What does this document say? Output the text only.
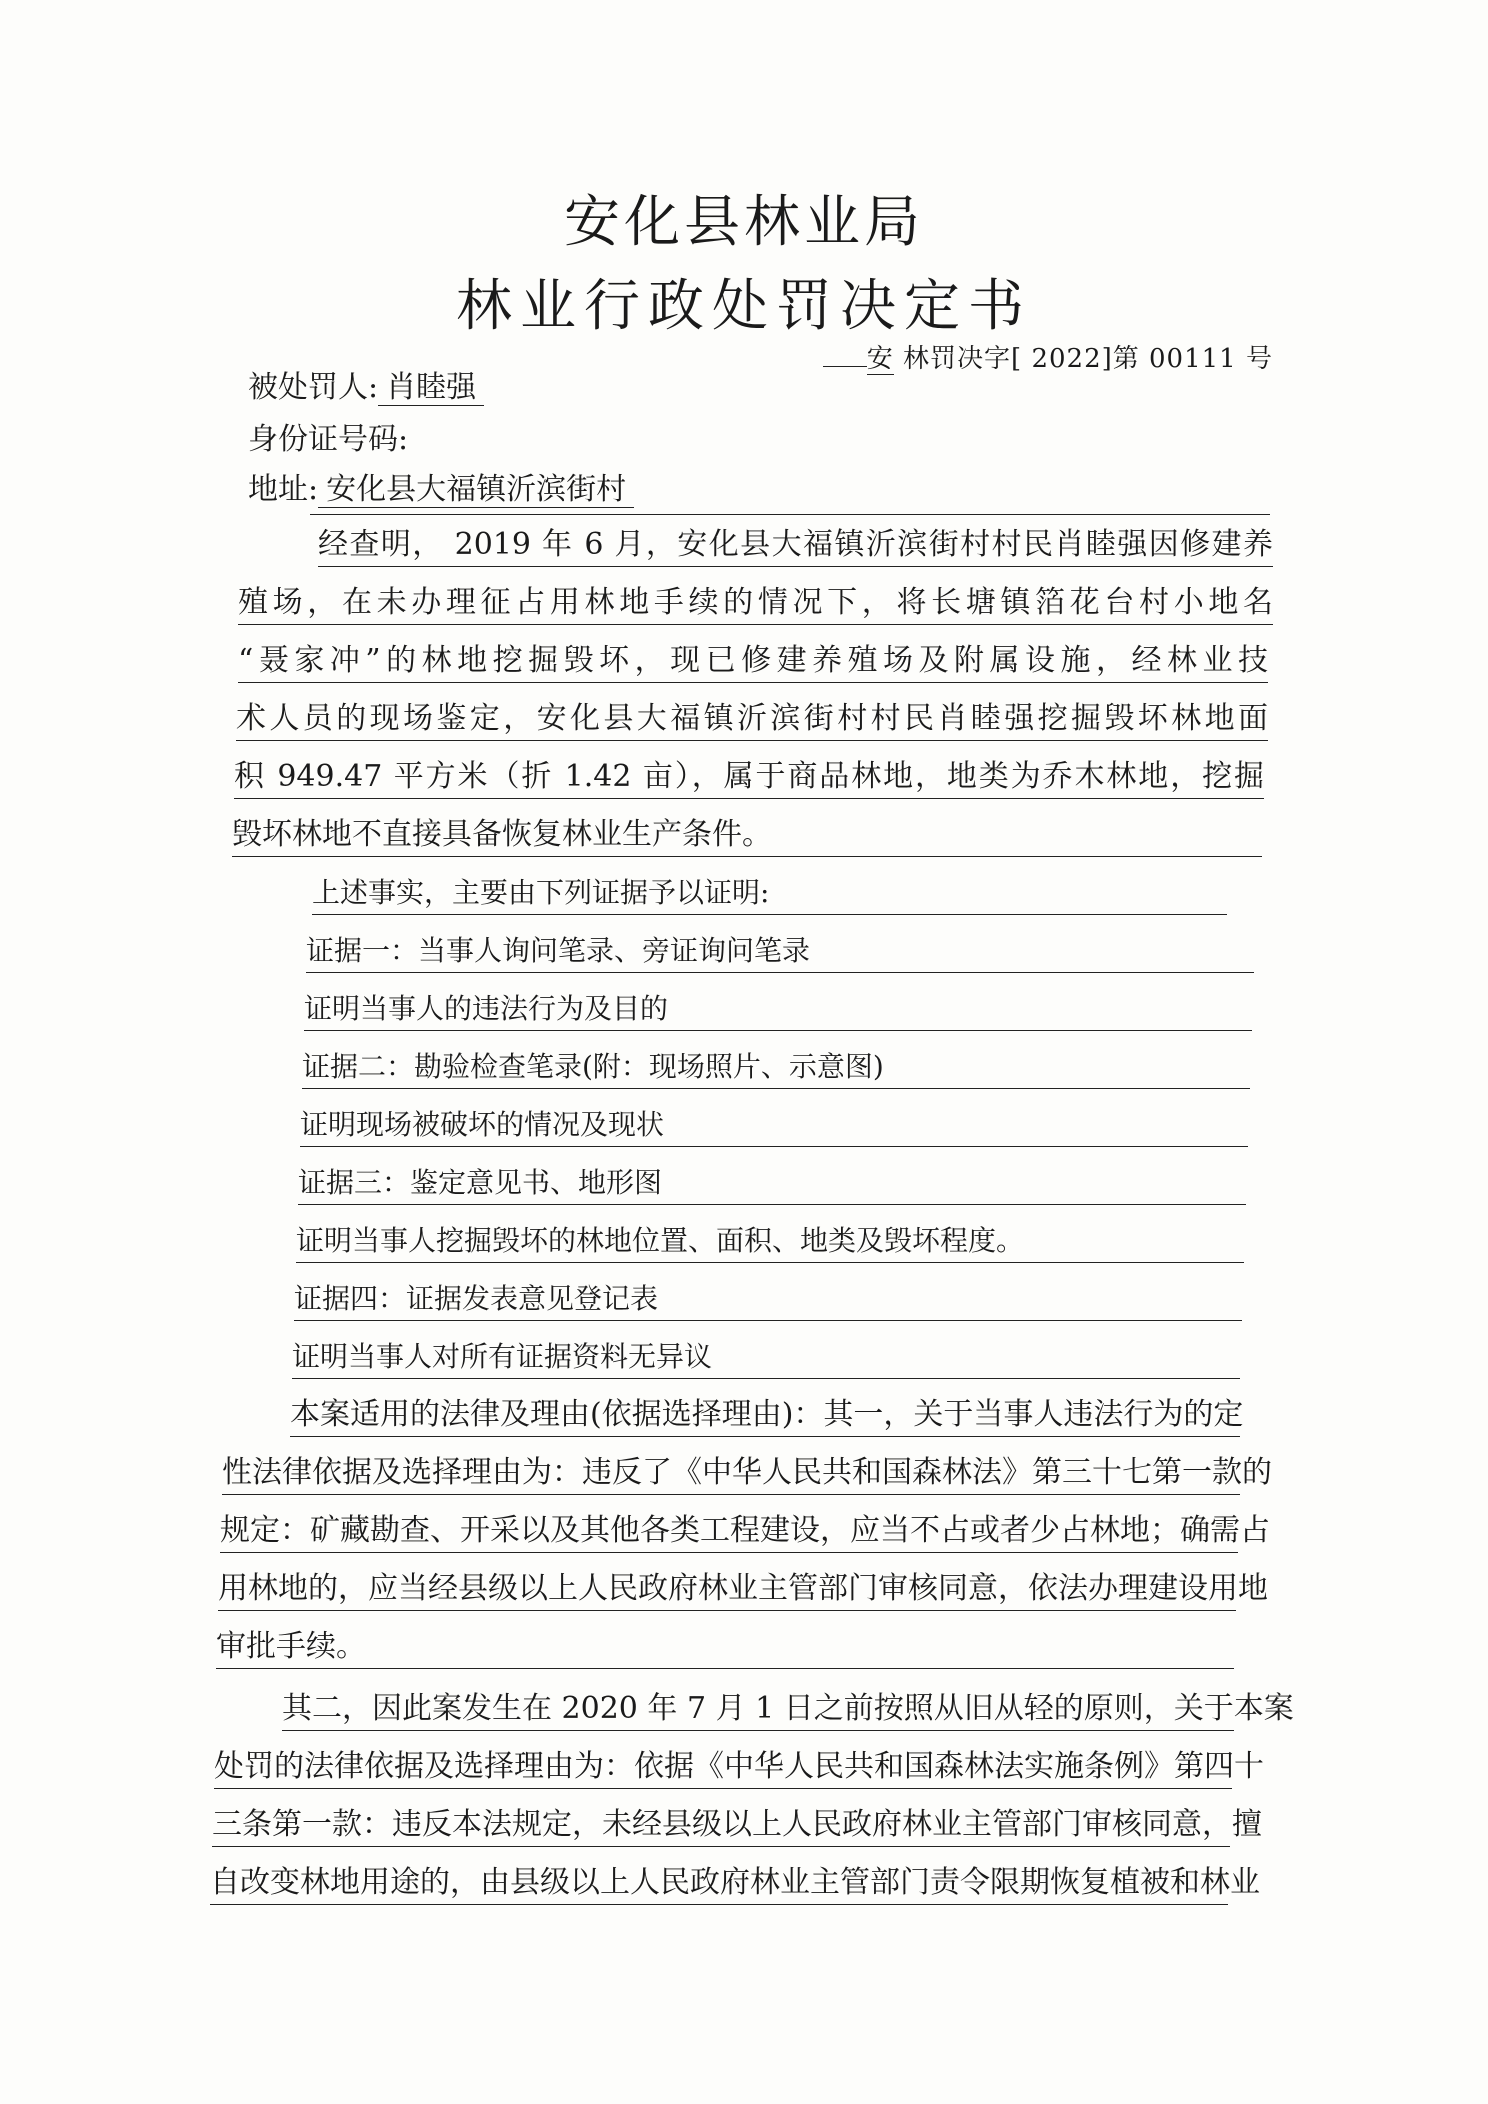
安化县林业局
林业行政处罚决定书
安 林罚决字[ 2022]第 00111 号
被处罚人: 肖睦强
身份证号码:
地址: 安化县大福镇沂滨街村
经查明， 2019 年 6 月，安化县大福镇沂滨街村村民肖睦强因修建养
殖场，在未办理征占用林地手续的情况下，将长塘镇箔花台村小地名
“聂家冲”的林地挖掘毁坏，现已修建养殖场及附属设施，经林业技
术人员的现场鉴定，安化县大福镇沂滨街村村民肖睦强挖掘毁坏林地面
积 949.47 平方米（折 1.42 亩），属于商品林地，地类为乔木林地，挖掘
毁坏林地不直接具备恢复林业生产条件。
上述事实，主要由下列证据予以证明:
证据一：当事人询问笔录、旁证询问笔录
证明当事人的违法行为及目的
证据二：勘验检查笔录(附：现场照片、示意图)
证明现场被破坏的情况及现状
证据三：鉴定意见书、地形图
证明当事人挖掘毁坏的林地位置、面积、地类及毁坏程度。
证据四：证据发表意见登记表
证明当事人对所有证据资料无异议
本案适用的法律及理由(依据选择理由)：其一，关于当事人违法行为的定
性法律依据及选择理由为：违反了《中华人民共和国森林法》第三十七第一款的
规定：矿藏勘查、开采以及其他各类工程建设，应当不占或者少占林地；确需占
用林地的，应当经县级以上人民政府林业主管部门审核同意，依法办理建设用地
审批手续。
其二，因此案发生在 2020 年 7 月 1 日之前按照从旧从轻的原则，关于本案
处罚的法律依据及选择理由为：依据《中华人民共和国森林法实施条例》第四十
三条第一款：违反本法规定，未经县级以上人民政府林业主管部门审核同意，擅
自改变林地用途的，由县级以上人民政府林业主管部门责令限期恢复植被和林业
